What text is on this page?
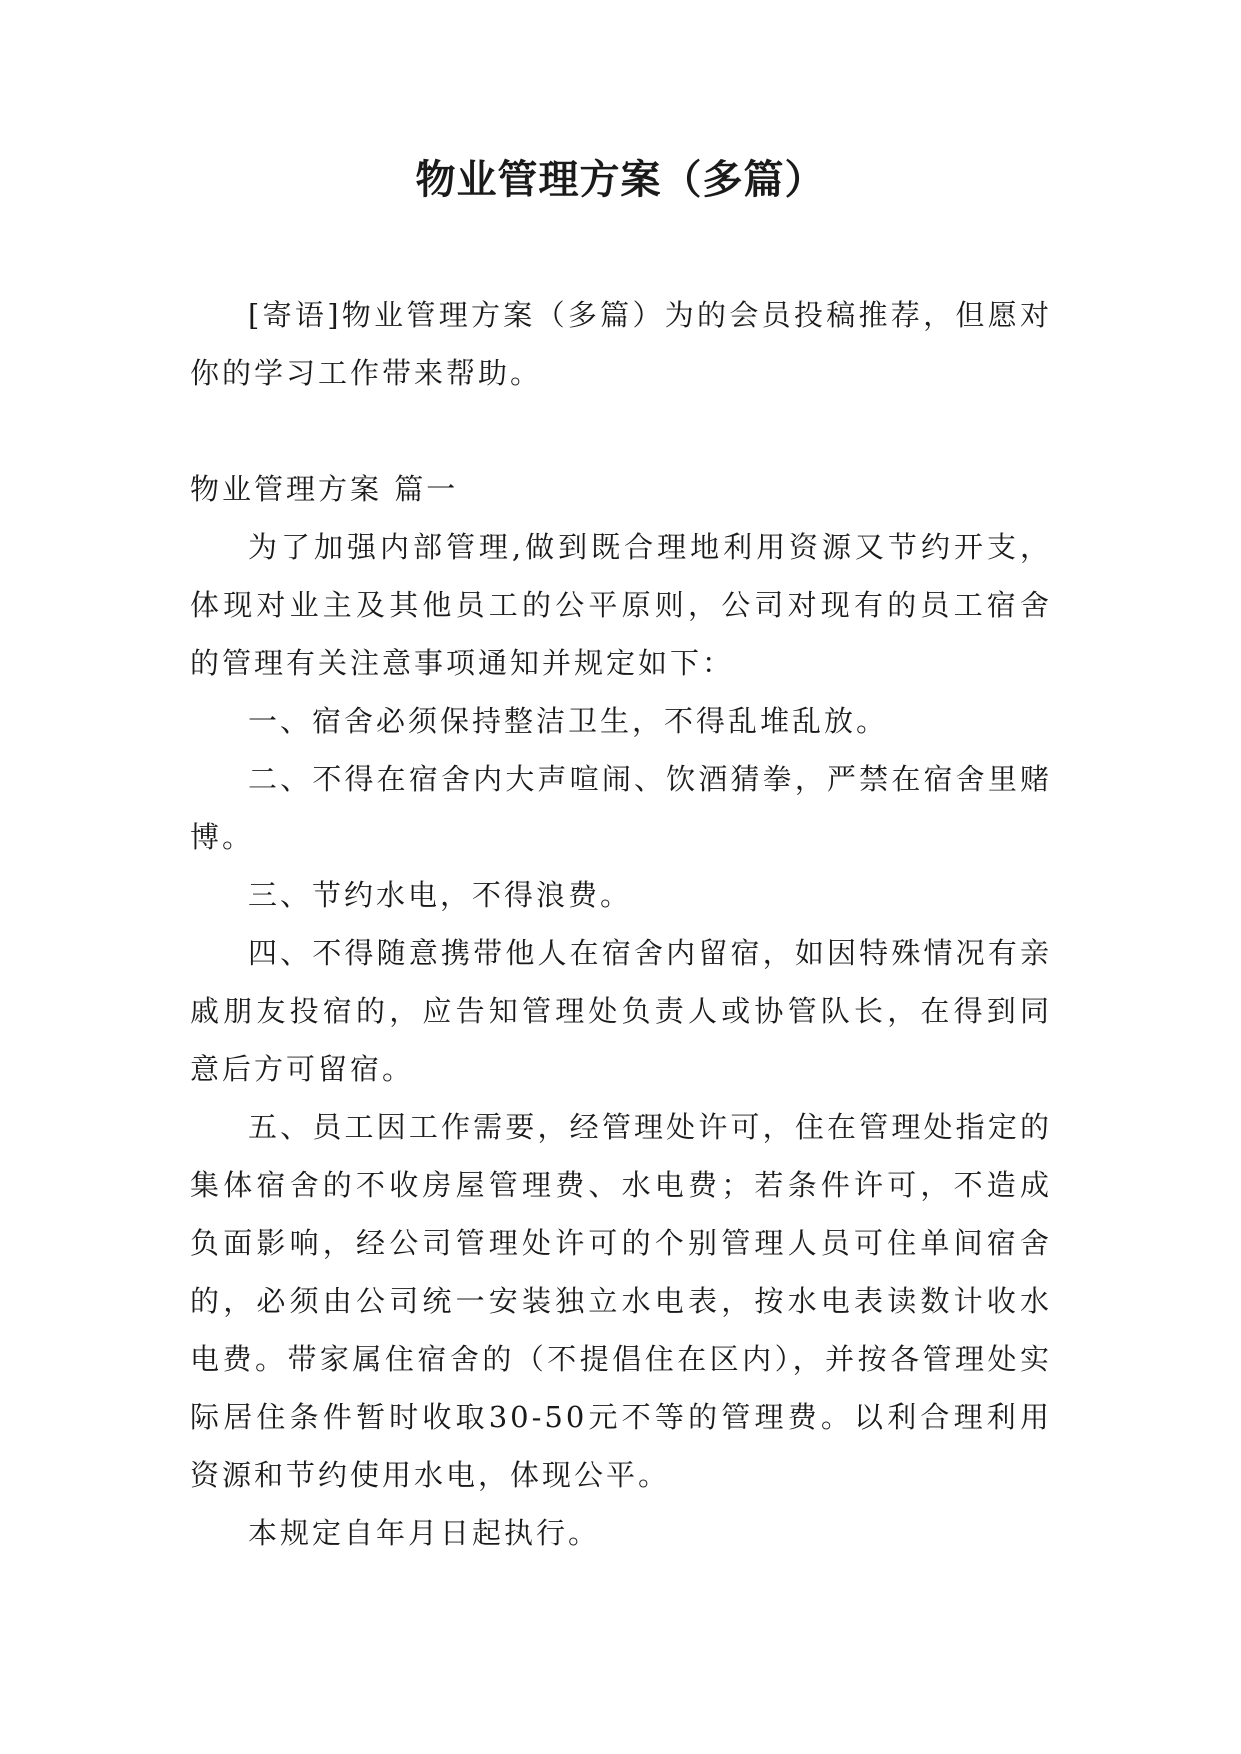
物业管理方案（多篇）

[寄语]物业管理方案（多篇）为的会员投稿推荐，但愿对你的学习工作带来帮助。

物业管理方案 篇一

为了加强内部管理,做到既合理地利用资源又节约开支，体现对业主及其他员工的公平原则，公司对现有的员工宿舍的管理有关注意事项通知并规定如下：

一、宿舍必须保持整洁卫生，不得乱堆乱放。

二、不得在宿舍内大声喧闹、饮酒猜拳，严禁在宿舍里赌博。

三、节约水电，不得浪费。

四、不得随意携带他人在宿舍内留宿，如因特殊情况有亲戚朋友投宿的，应告知管理处负责人或协管队长，在得到同意后方可留宿。

五、员工因工作需要，经管理处许可，住在管理处指定的集体宿舍的不收房屋管理费、水电费；若条件许可，不造成负面影响，经公司管理处许可的个别管理人员可住单间宿舍的，必须由公司统一安装独立水电表，按水电表读数计收水电费。带家属住宿舍的（不提倡住在区内），并按各管理处实际居住条件暂时收取30-50元不等的管理费。以利合理利用资源和节约使用水电，体现公平。

本规定自年月日起执行。
